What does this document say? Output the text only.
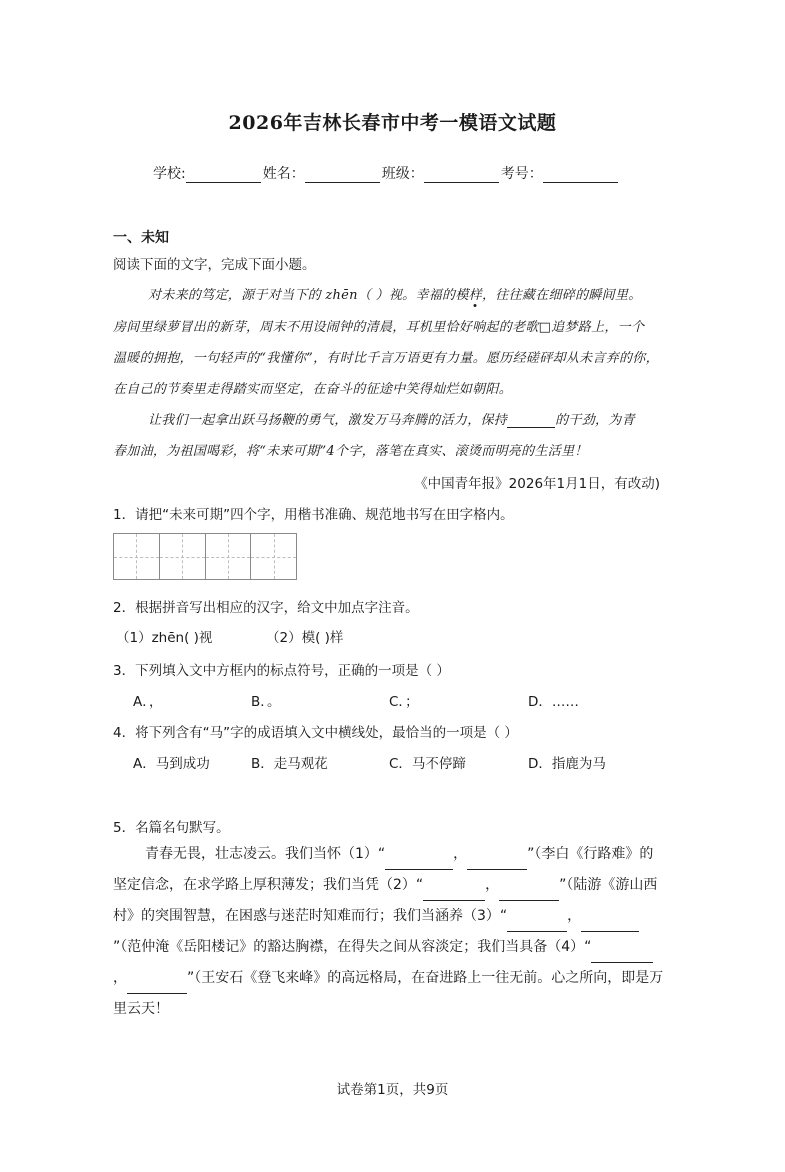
2026年吉林长春市中考一模语文试题
学校:	姓名：	班级：	考号：
一、未知
阅读下面的文字，完成下面小题。
对未来的笃定，源于对当下的 zhēn（ ）视。幸福的模样，往往藏在细碎的瞬间里。
房间里绿萝冒出的新芽，周末不用设闹钟的清晨，耳机里恰好响起的老歌□追梦路上，一个
温暖的拥抱，一句轻声的“我懂你”，有时比千言万语更有力量。愿历经磋砰却从未言弃的你，
在自己的节奏里走得踏实而坚定，在奋斗的征途中笑得灿烂如朝阳。
让我们一起拿出跃马扬鞭的勇气，激发万马奔腾的活力，保持	的干劲，为青
春加油，为祖国喝彩，将“未来可期”4个字，落笔在真实、滚烫而明亮的生活里！
《中国青年报》2026年1月1日，有改动)
1．请把“未来可期”四个字，用楷书准确、规范地书写在田字格内。
2．根据拼音写出相应的汉字，给文中加点字注音。
（1）zhēn( )视	（2）模( )样
3．下列填入文中方框内的标点符号，正确的一项是（ ）
A．，	B．。	C．；	D．……
4．将下列含有“马”字的成语填入文中横线处，最恰当的一项是（ ）
A．马到成功	B．走马观花	C．马不停蹄	D．指鹿为马
5．名篇名句默写。
青春无畏，壮志凌云。我们当怀（1）“	，	”（李白《行路难》的坚定信念，在求学路上厚积薄发；我们当凭（2）“	，	”（陆游《游山西村》的突围智慧，在困惑与迷茫时知难而行；我们当涵养（3）“	，”（范仲淹《岳阳楼记》的豁达胸襟，在得失之间从容淡定；我们当具备（4）“，	”（王安石《登飞来峰》的高远格局，在奋进路上一往无前。心之所向，即是万里云天！
试卷第1页，共9页
